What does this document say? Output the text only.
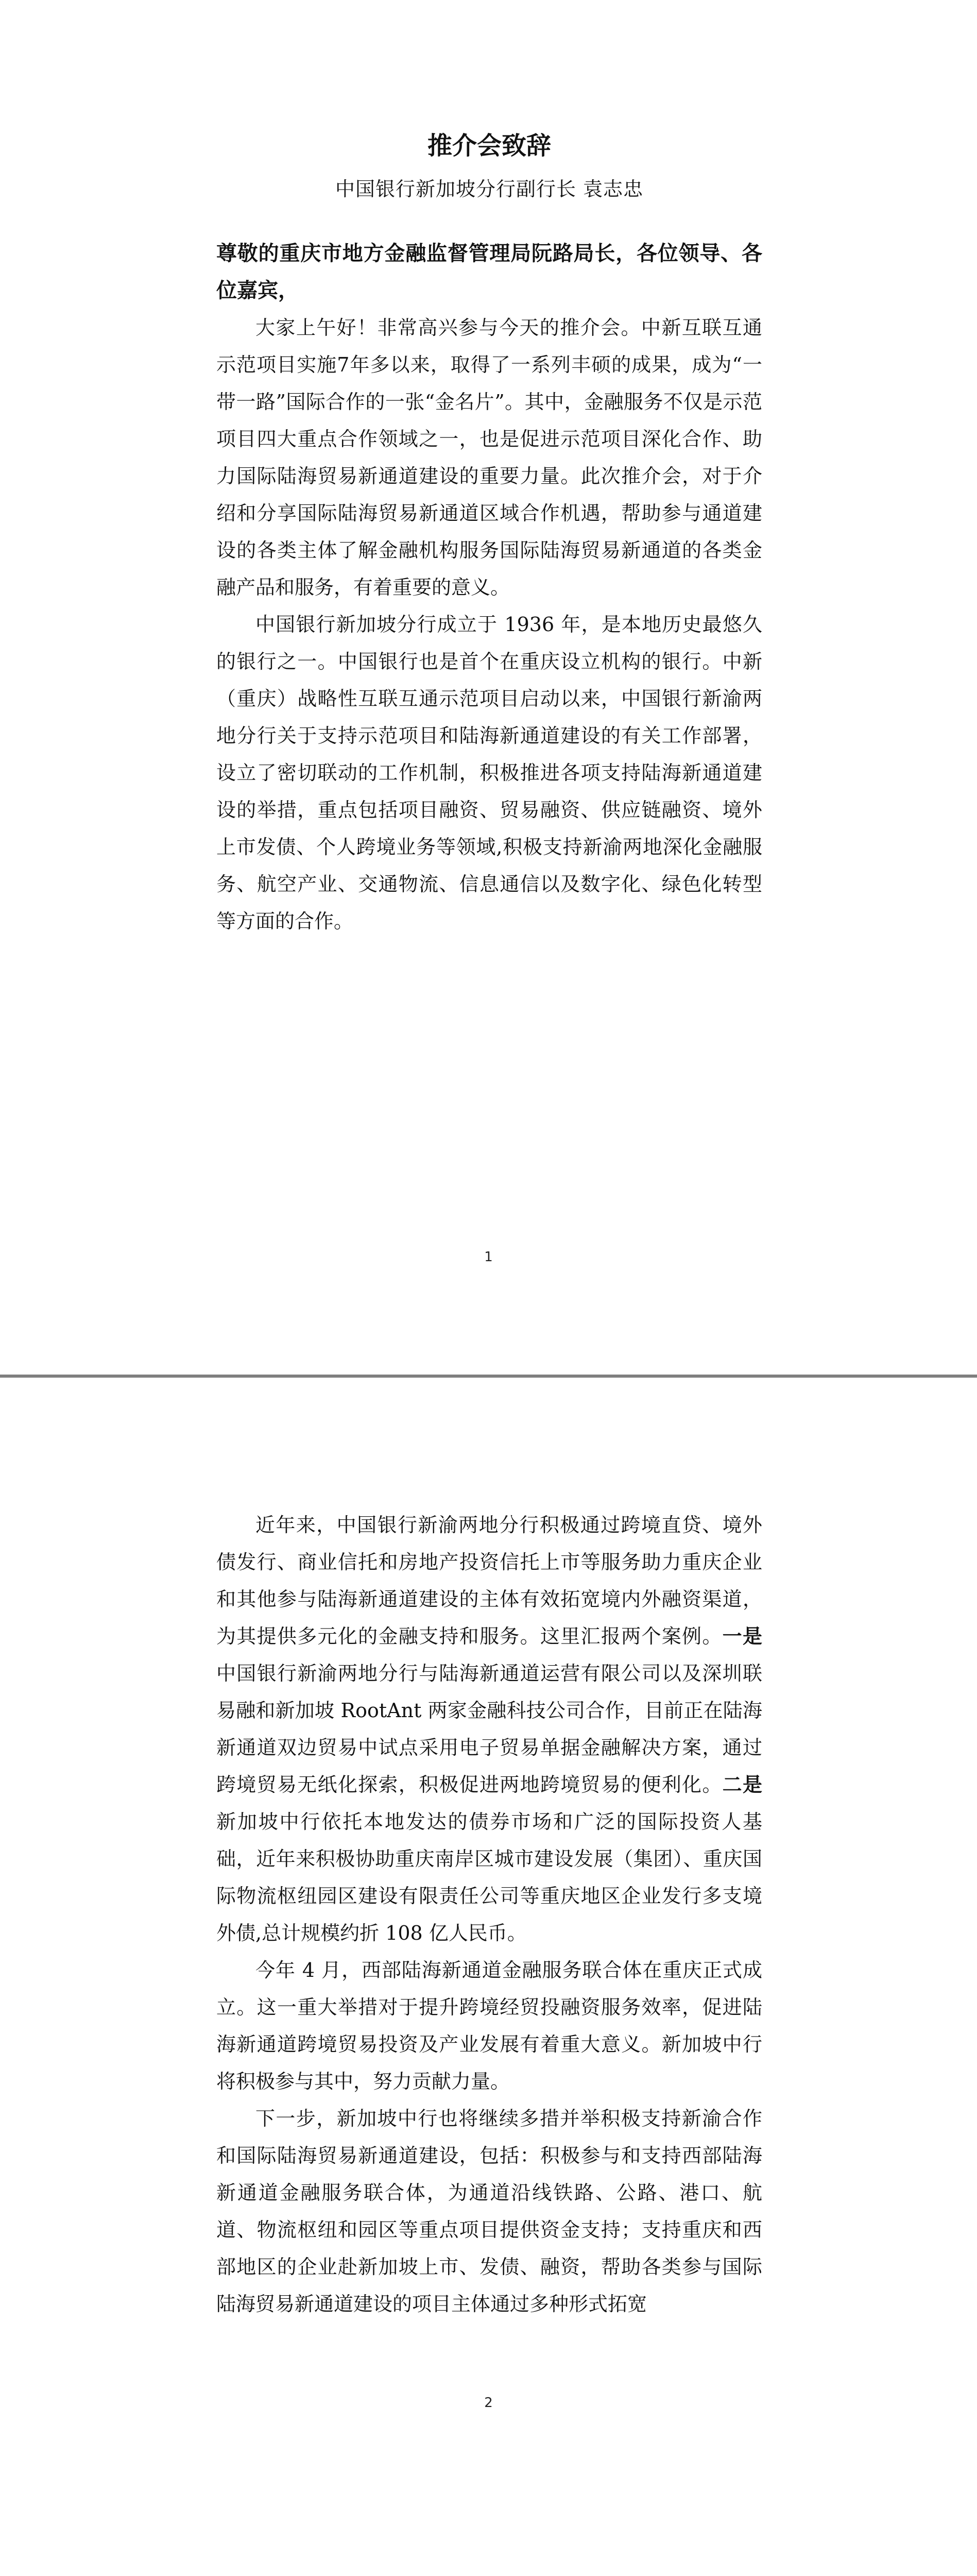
推介会致辞

中国银行新加坡分行副行长 袁志忠

尊敬的重庆市地方金融监督管理局阮路局长，各位领导、各位嘉宾，

大家上午好！非常高兴参与今天的推介会。中新互联互通示范项目实施7年多以来，取得了一系列丰硕的成果，成为“一带一路”国际合作的一张“金名片”。其中，金融服务不仅是示范项目四大重点合作领域之一，也是促进示范项目深化合作、助力国际陆海贸易新通道建设的重要力量。此次推介会，对于介绍和分享国际陆海贸易新通道区域合作机遇，帮助参与通道建设的各类主体了解金融机构服务国际陆海贸易新通道的各类金融产品和服务，有着重要的意义。

中国银行新加坡分行成立于 1936 年，是本地历史最悠久的银行之一。中国银行也是首个在重庆设立机构的银行。中新（重庆）战略性互联互通示范项目启动以来，中国银行新渝两地分行关于支持示范项目和陆海新通道建设的有关工作部署，设立了密切联动的工作机制，积极推进各项支持陆海新通道建设的举措，重点包括项目融资、贸易融资、供应链融资、境外上市发债、个人跨境业务等领域,积极支持新渝两地深化金融服务、航空产业、交通物流、信息通信以及数字化、绿色化转型等方面的合作。

1

近年来，中国银行新渝两地分行积极通过跨境直贷、境外债发行、商业信托和房地产投资信托上市等服务助力重庆企业和其他参与陆海新通道建设的主体有效拓宽境内外融资渠道，为其提供多元化的金融支持和服务。这里汇报两个案例。一是中国银行新渝两地分行与陆海新通道运营有限公司以及深圳联易融和新加坡 RootAnt 两家金融科技公司合作，目前正在陆海新通道双边贸易中试点采用电子贸易单据金融解决方案，通过跨境贸易无纸化探索，积极促进两地跨境贸易的便利化。二是新加坡中行依托本地发达的债券市场和广泛的国际投资人基础，近年来积极协助重庆南岸区城市建设发展（集团）、重庆国际物流枢纽园区建设有限责任公司等重庆地区企业发行多支境外债,总计规模约折 108 亿人民币。

今年 4 月，西部陆海新通道金融服务联合体在重庆正式成立。这一重大举措对于提升跨境经贸投融资服务效率，促进陆海新通道跨境贸易投资及产业发展有着重大意义。新加坡中行将积极参与其中，努力贡献力量。

下一步，新加坡中行也将继续多措并举积极支持新渝合作和国际陆海贸易新通道建设，包括：积极参与和支持西部陆海新通道金融服务联合体，为通道沿线铁路、公路、港口、航道、物流枢纽和园区等重点项目提供资金支持；支持重庆和西部地区的企业赴新加坡上市、发债、融资，帮助各类参与国际陆海贸易新通道建设的项目主体通过多种形式拓宽

2
